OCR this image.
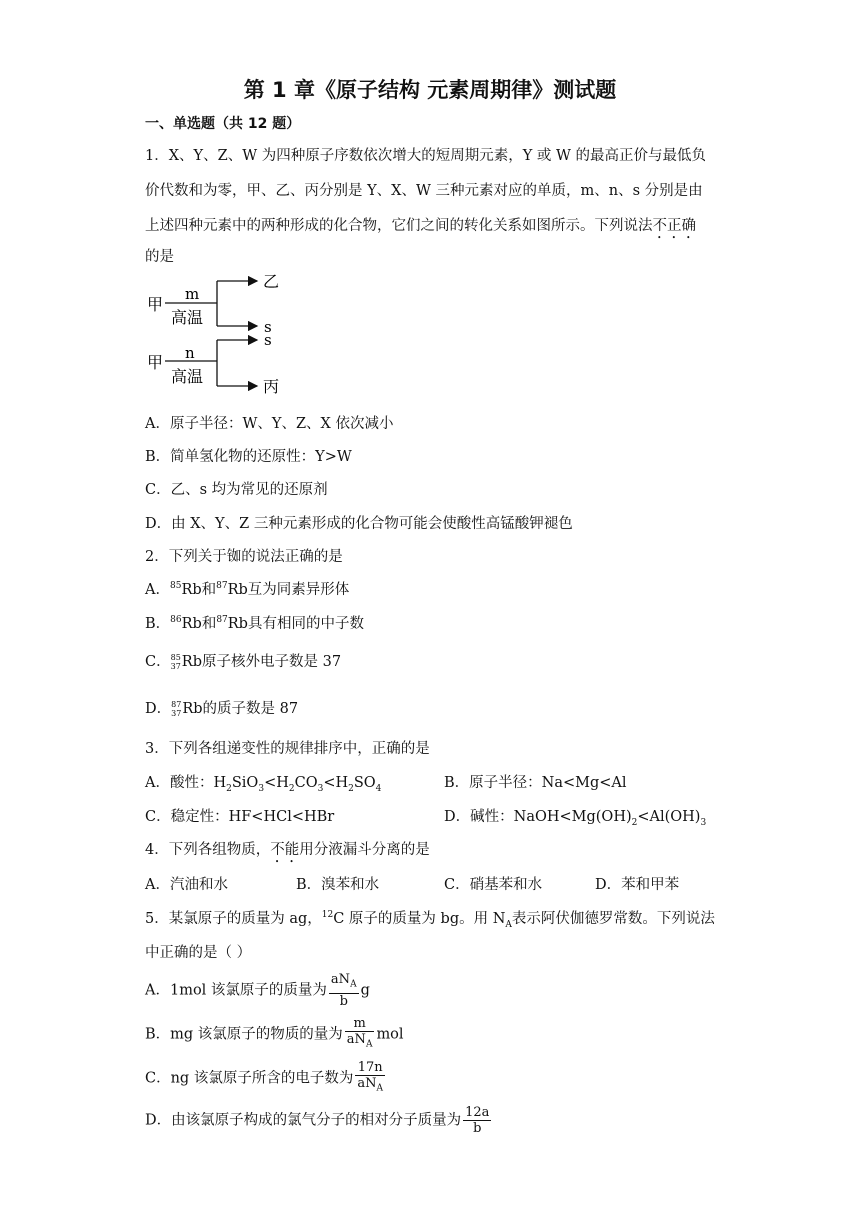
第 1 章《原子结构 元素周期律》测试题
一、单选题（共 12 题）
1．X、Y、Z、W 为四种原子序数依次增大的短周期元素，Y 或 W 的最高正价与最低负
价代数和为零，甲、乙、丙分别是 Y、X、W 三种元素对应的单质，m、n、s 分别是由
上述四种元素中的两种形成的化合物，它们之间的转化关系如图所示。下列说法不正确
的是
甲
m
高温
乙
s
甲 n
高温
s
丙
A．原子半径：W、Y、Z、X 依次减小
B．简单氢化物的还原性：Y>W
C．乙、s 均为常见的还原剂
D．由 X、Y、Z 三种元素形成的化合物可能会使酸性高锰酸钾褪色
2．下列关于铷的说法正确的是
A．$^{85}$Rb和$^{87}$Rb互为同素异形体
B．$^{86}$Rb和$^{87}$Rb具有相同的中子数
C． 85
37 Rb原子核外电子数是 37
D． 87
37 Rb的质子数是 87
3．下列各组递变性的规律排序中，正确的是
A．酸性：$H_2SiO_3<H_2CO_3<H_2SO_4$	B．原子半径：Na<Mg<Al
C．稳定性：HF<HCl<HBr	D．碱性：$NaOH<Mg(OH)_2<Al(OH)_3$
4．下列各组物质，不能用分液漏斗分离的是
A．汽油和水	B．溴苯和水	C．硝基苯和水	D．苯和甲苯
5．某氯原子的质量为 ag，$^{12}$C 原子的质量为 bg。用 $N_A$表示阿伏伽德罗常数。下列说法
中正确的是（ ）
A．1mol 该氯原子的质量为 $\frac{aN_A}{b}$ g
B．mg 该氯原子的物质的量为 $\frac{m}{aN_A}$ mol
C．ng 该氯原子所含的电子数为 $\frac{17n}{aN_A}$
D．由该氯原子构成的氯气分子的相对分子质量为 $\frac{12a}{b}$
